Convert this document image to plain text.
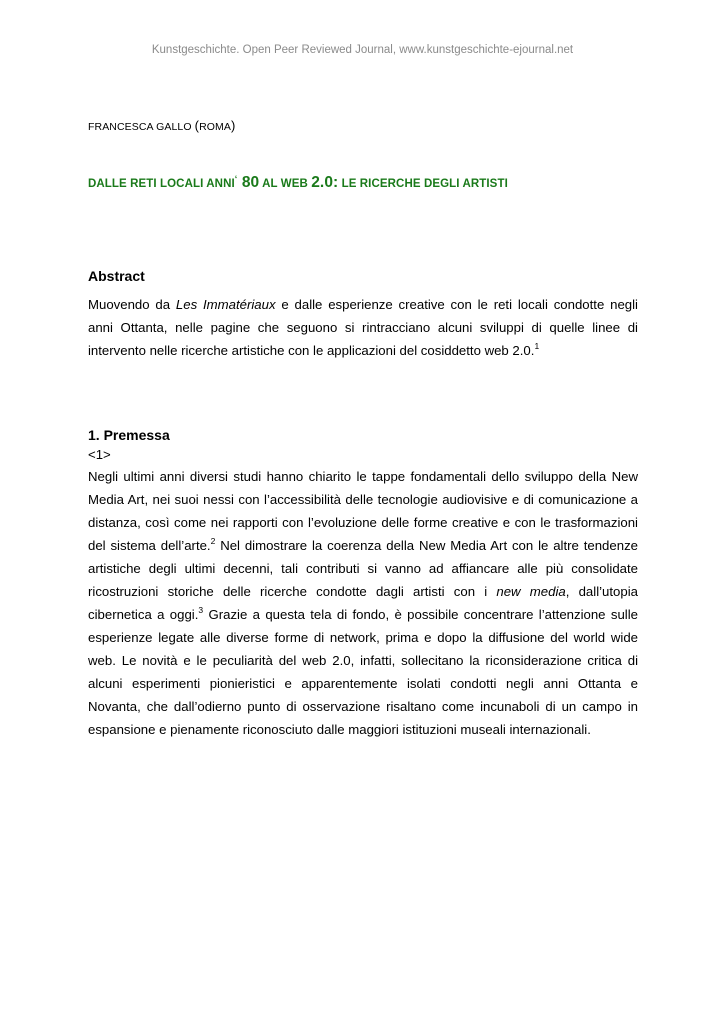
Kunstgeschichte. Open Peer Reviewed Journal, www.kunstgeschichte-ejournal.net
FRANCESCA GALLO (ROMA)
DALLE RETI LOCALI ANNI‘ 80 AL WEB 2.0: LE RICERCHE DEGLI ARTISTI
Abstract
Muovendo da Les Immatériaux e dalle esperienze creative con le reti locali condotte negli
anni Ottanta, nelle pagine che seguono si rintracciano alcuni sviluppi di quelle linee di
intervento nelle ricerche artistiche con le applicazioni del cosiddetto web 2.0.$^1$
1. Premessa
<1>
Negli ultimi anni diversi studi hanno chiarito le tappe fondamentali dello sviluppo della New
Media Art, nei suoi nessi con l’accessibilità delle tecnologie audiovisive e di comunicazione a
distanza, così come nei rapporti con l’evoluzione delle forme creative e con le trasformazioni
del sistema dell’arte.$^2$ Nel dimostrare la coerenza della New Media Art con le altre tendenze
artistiche degli ultimi decenni, tali contributi si vanno ad affiancare alle più consolidate
ricostruzioni storiche delle ricerche condotte dagli artisti con i new media, dall’utopia
cibernetica a oggi.$^3$ Grazie a questa tela di fondo, è possibile concentrare l’attenzione sulle
esperienze legate alle diverse forme di network, prima e dopo la diffusione del world wide
web. Le novità e le peculiarità del web 2.0, infatti, sollecitano la riconsiderazione critica di
alcuni esperimenti pionieristici e apparentemente isolati condotti negli anni Ottanta e
Novanta, che dall’odierno punto di osservazione risaltano come incunaboli di un campo in
espansione e pienamente riconosciuto dalle maggiori istituzioni museali internazionali.
